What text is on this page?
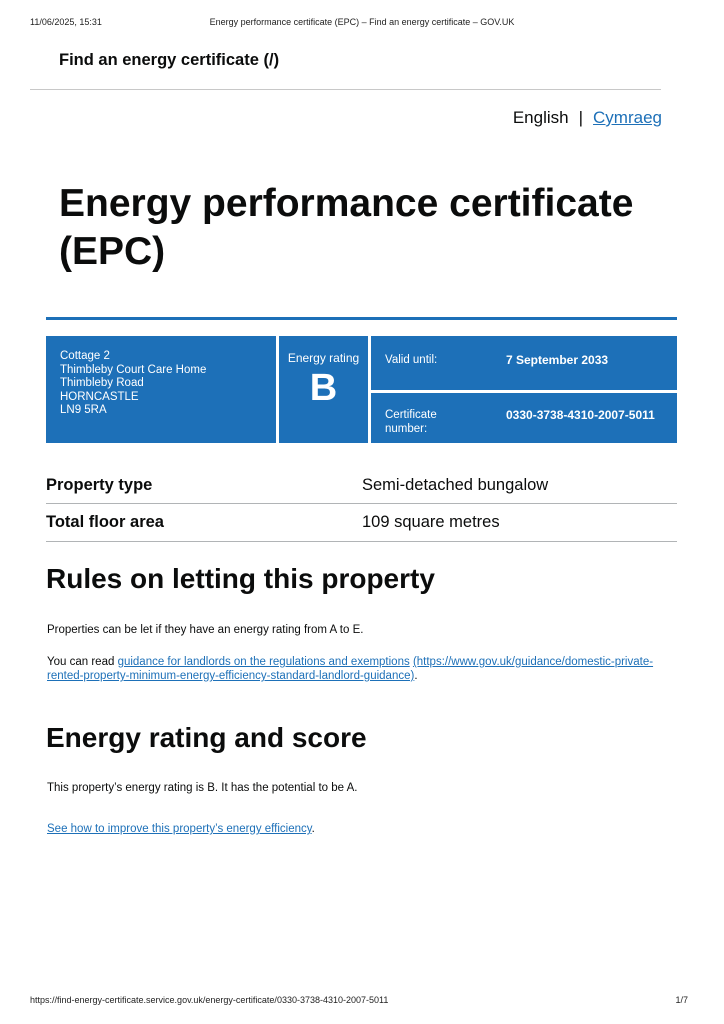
11/06/2025, 15:31	Energy performance certificate (EPC) – Find an energy certificate – GOV.UK
Find an energy certificate (/)
English | Cymraeg
Energy performance certificate (EPC)
Cottage 2
Thimbleby Court Care Home
Thimbleby Road
HORNCASTLE
LN9 5RA
Energy rating
B
Valid until:	7 September 2033
Certificate number:
0330-3738-4310-2007-5011
Property type	Semi-detached bungalow
Total floor area	109 square metres
Rules on letting this property
Properties can be let if they have an energy rating from A to E.
You can read guidance for landlords on the regulations and exemptions (https://www.gov.uk/guidance/domestic-private-rented-property-minimum-energy-efficiency-standard-landlord-guidance).
Energy rating and score
This property’s energy rating is B. It has the potential to be A.
See how to improve this property’s energy efficiency.
https://find-energy-certificate.service.gov.uk/energy-certificate/0330-3738-4310-2007-5011	1/7
